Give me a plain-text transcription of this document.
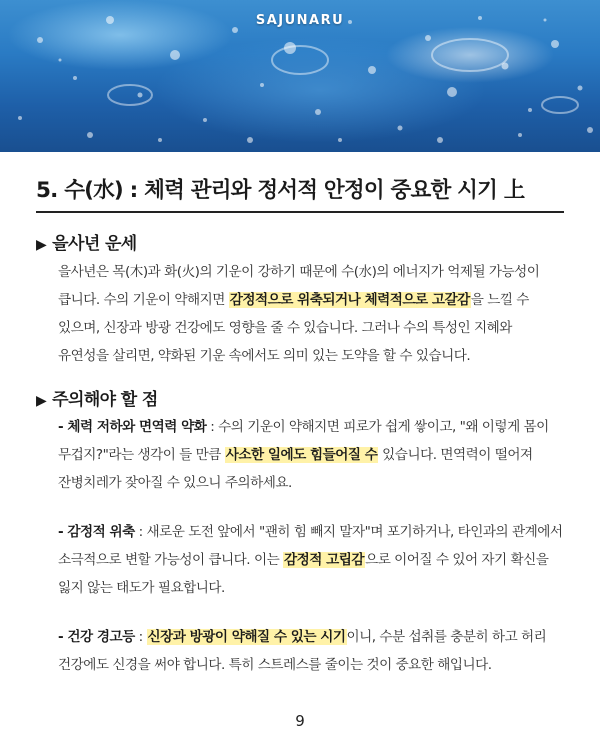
SAJUNARU
5. 수(水) : 체력 관리와 정서적 안정이 중요한 시기 上
▶ 을사년 운세
을사년은 목(木)과 화(火)의 기운이 강하기 때문에 수(水)의 에너지가 억제될 가능성이 큽니다. 수의 기운이 약해지면 감정적으로 위축되거나 체력적으로 고갈감을 느낄 수 있으며, 신장과 방광 건강에도 영향을 줄 수 있습니다. 그러나 수의 특성인 지혜와 유연성을 살리면, 약화된 기운 속에서도 의미 있는 도약을 할 수 있습니다.
▶ 주의해야 할 점
- 체력 저하와 면역력 약화 : 수의 기운이 약해지면 피로가 쉽게 쌓이고, "왜 이렇게 몸이 무겁지?"라는 생각이 들 만큼 사소한 일에도 힘들어질 수 있습니다. 면역력이 떨어져 잔병치레가 잦아질 수 있으니 주의하세요.
- 감정적 위축 : 새로운 도전 앞에서 "괜히 힘 빼지 말자"며 포기하거나, 타인과의 관계에서 소극적으로 변할 가능성이 큽니다. 이는 감정적 고립감으로 이어질 수 있어 자기 확신을 잃지 않는 태도가 필요합니다.
- 건강 경고등 : 신장과 방광이 약해질 수 있는 시기이니, 수분 섭취를 충분히 하고 허리 건강에도 신경을 써야 합니다. 특히 스트레스를 줄이는 것이 중요한 해입니다.
9
